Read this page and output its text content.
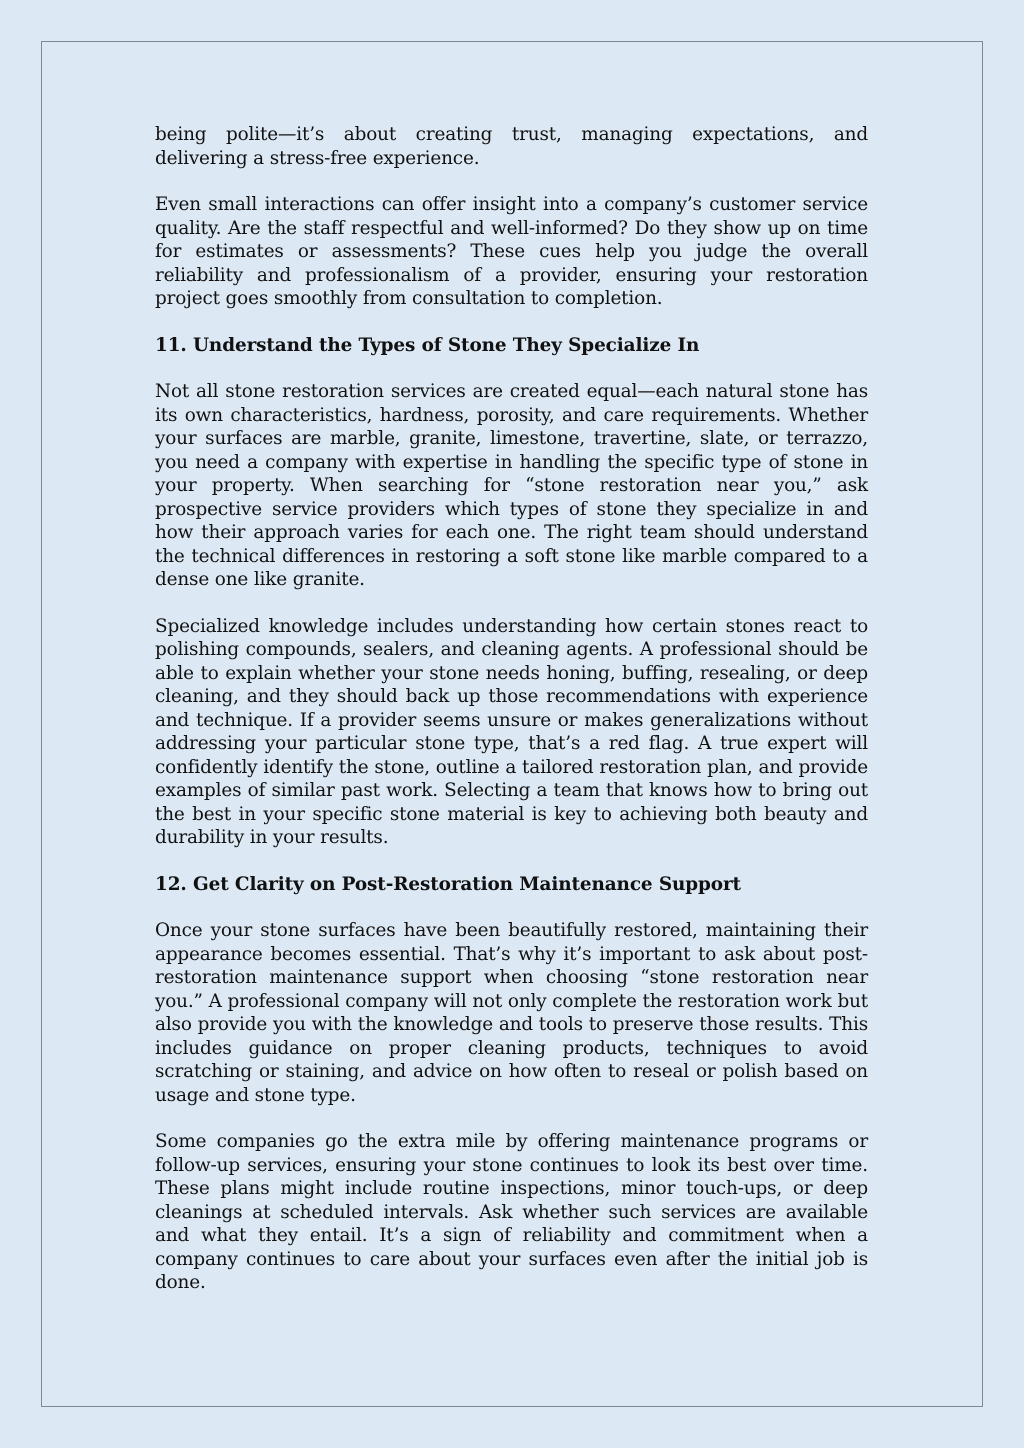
being polite—it’s about creating trust, managing expectations, and delivering a stress-free experience.

Even small interactions can offer insight into a company’s customer service quality. Are the staff respectful and well-informed? Do they show up on time for estimates or assessments? These cues help you judge the overall reliability and professionalism of a provider, ensuring your restoration project goes smoothly from consultation to completion.

11. Understand the Types of Stone They Specialize In

Not all stone restoration services are created equal—each natural stone has its own characteristics, hardness, porosity, and care requirements. Whether your surfaces are marble, granite, limestone, travertine, slate, or terrazzo, you need a company with expertise in handling the specific type of stone in your property. When searching for “stone restoration near you,” ask prospective service providers which types of stone they specialize in and how their approach varies for each one. The right team should understand the technical differences in restoring a soft stone like marble compared to a dense one like granite.

Specialized knowledge includes understanding how certain stones react to polishing compounds, sealers, and cleaning agents. A professional should be able to explain whether your stone needs honing, buffing, resealing, or deep cleaning, and they should back up those recommendations with experience and technique. If a provider seems unsure or makes generalizations without addressing your particular stone type, that’s a red flag. A true expert will confidently identify the stone, outline a tailored restoration plan, and provide examples of similar past work. Selecting a team that knows how to bring out the best in your specific stone material is key to achieving both beauty and durability in your results.

12. Get Clarity on Post-Restoration Maintenance Support

Once your stone surfaces have been beautifully restored, maintaining their appearance becomes essential. That’s why it’s important to ask about post-restoration maintenance support when choosing “stone restoration near you.” A professional company will not only complete the restoration work but also provide you with the knowledge and tools to preserve those results. This includes guidance on proper cleaning products, techniques to avoid scratching or staining, and advice on how often to reseal or polish based on usage and stone type.

Some companies go the extra mile by offering maintenance programs or follow-up services, ensuring your stone continues to look its best over time. These plans might include routine inspections, minor touch-ups, or deep cleanings at scheduled intervals. Ask whether such services are available and what they entail. It’s a sign of reliability and commitment when a company continues to care about your surfaces even after the initial job is done.
